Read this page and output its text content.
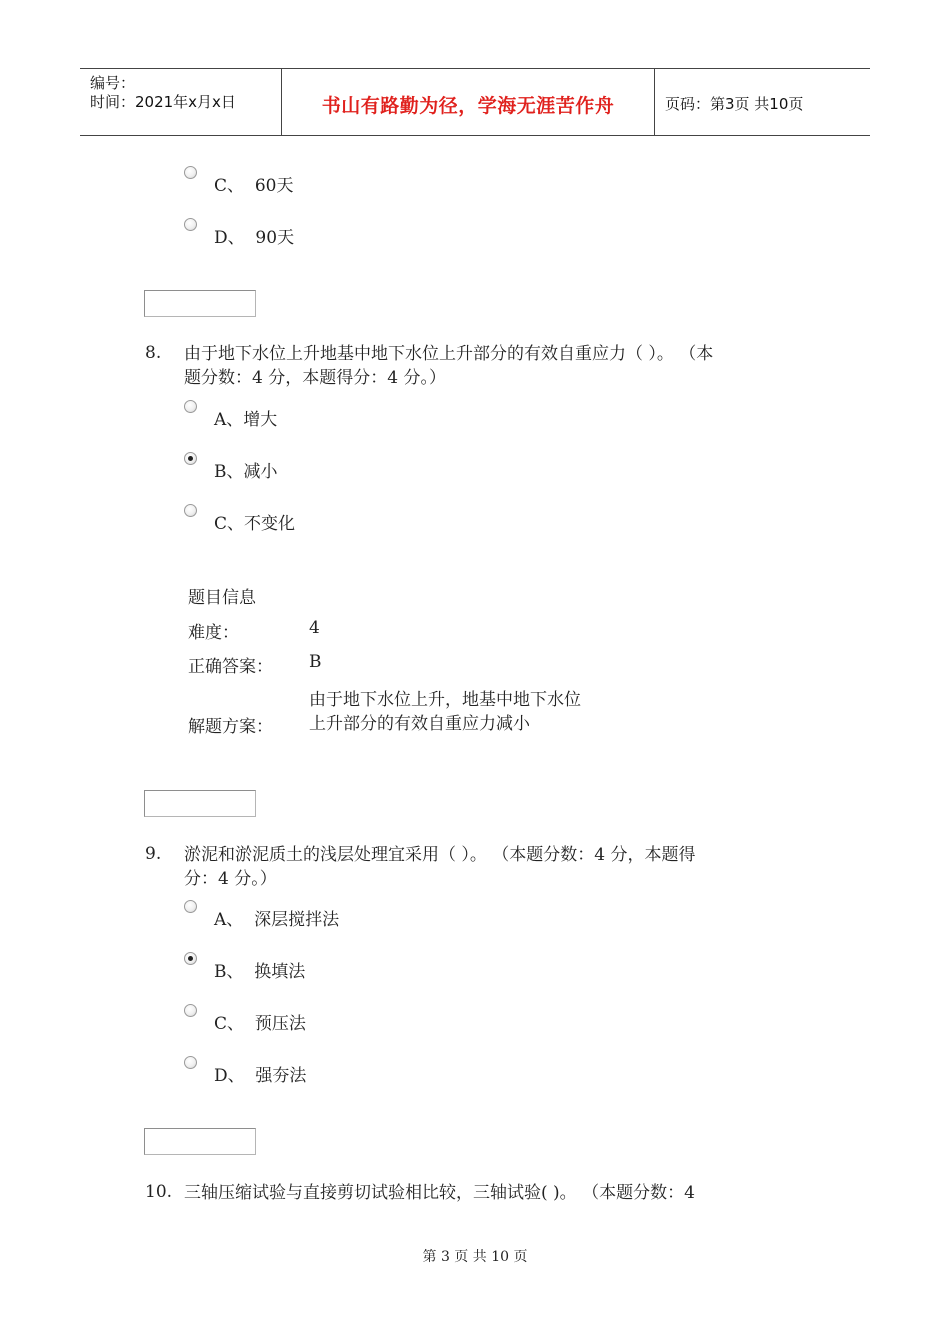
编号：
时间：2021年x月x日	书山有路勤为径，学海无涯苦作舟	页码：第3页 共10页
C、  60天
D、  90天
8. 由于地下水位上升地基中地下水位上升部分的有效自重应力（ ）。 （本
题分数：4 分，本题得分：4 分。）
A、增大
B、减小
C、不变化
题目信息
难度：	4
正确答案： B
解题方案：
由于地下水位上升，地基中地下水位上升部分的有效自重应力减小
9. 淤泥和淤泥质土的浅层处理宜采用（ ）。 （本题分数：4 分，本题得
分：4 分。）
A、  深层搅拌法
B、  换填法
C、  预压法
D、  强夯法
10. 三轴压缩试验与直接剪切试验相比较，三轴试验( )。 （本题分数：4
第 3 页 共 10 页
